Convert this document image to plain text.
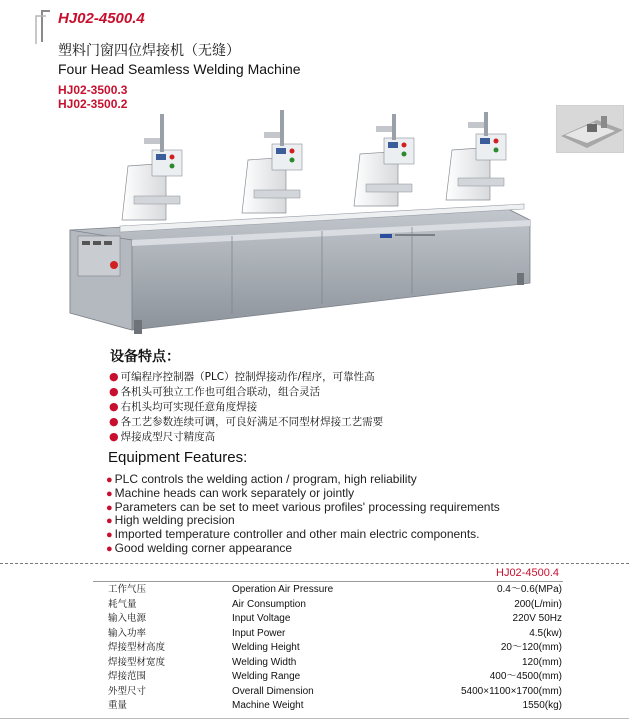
HJ02-4500.4
塑料门窗四位焊接机（无缝）
Four Head Seamless Welding Machine
HJ02-3500.3
HJ02-3500.2
设备特点：
● 可编程序控制器（PLC）控制焊接动作/程序，可靠性高
● 各机头可独立工作也可组合联动，组合灵活
● 右机头均可实现任意角度焊接
● 各工艺参数连续可调，可良好满足不同型材焊接工艺需要
● 焊接成型尺寸精度高
Equipment Features:
● PLC controls the welding action / program, high reliability
● Machine heads can work separately or jointly
● Parameters can be set to meet various profiles' processing requirements
● High welding precision
● Imported temperature controller and other main electric components.
● Good welding corner appearance
HJ02-4500.4
工作气压	Operation Air Pressure	0.4～0.6(MPa)
耗气量	Air Consumption	200(L/min)
输入电源	Input Voltage	220V 50Hz
输入功率	Input Power	4.5(kw)
焊接型材高度	Welding Height	20～120(mm)
焊接型材宽度	Welding Width	120(mm)
焊接范围	Welding Range	400～4500(mm)
外型尺寸	Overall Dimension	5400×1100×1700(mm)
重量	Machine Weight	1550(kg)
